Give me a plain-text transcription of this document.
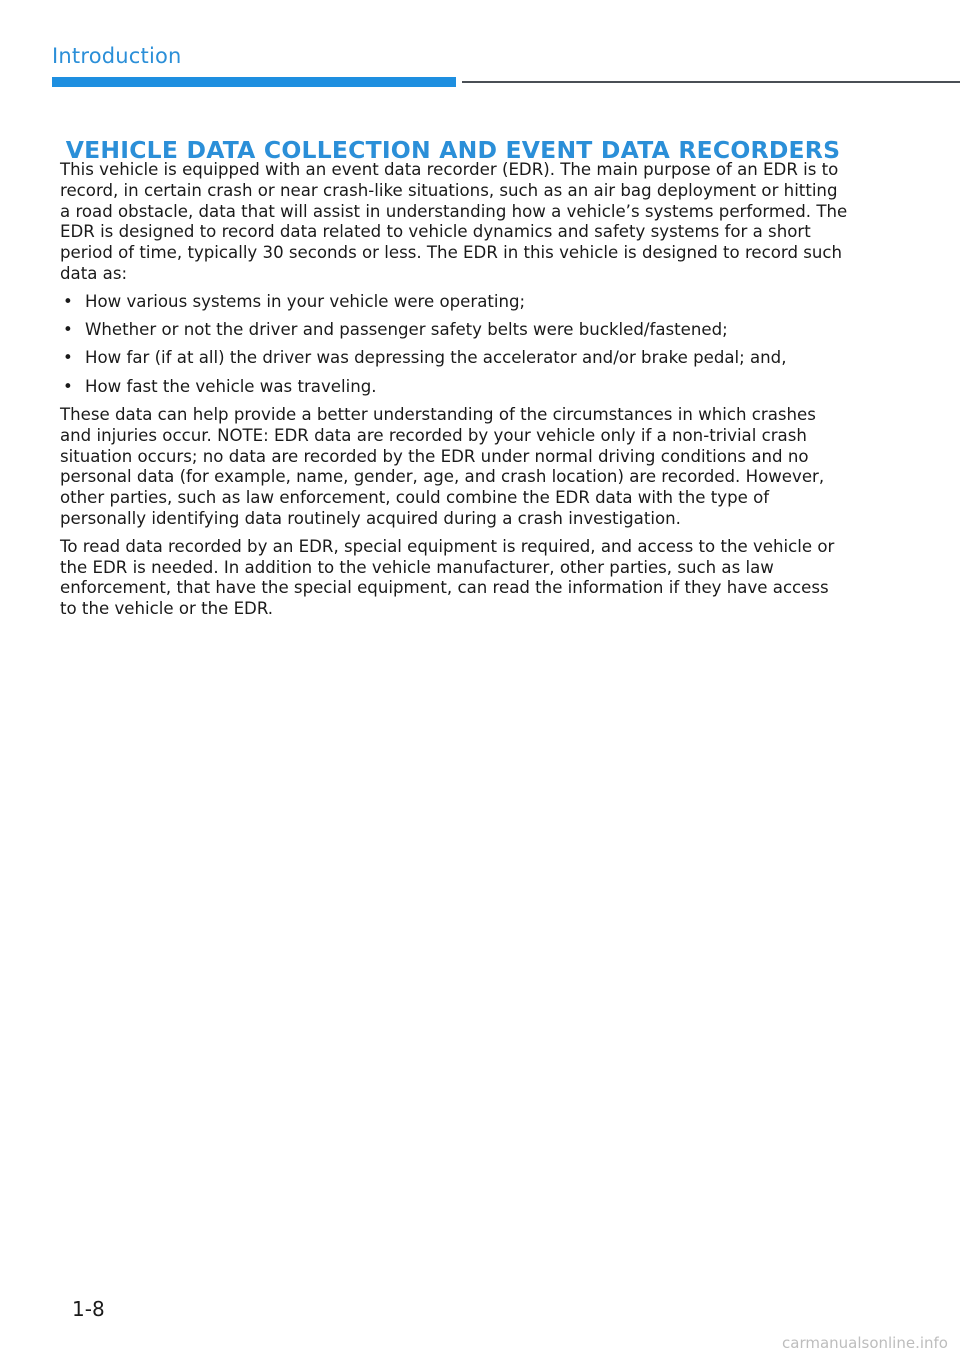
Introduction
VEHICLE DATA COLLECTION AND EVENT DATA RECORDERS

This vehicle is equipped with an event data recorder (EDR). The main purpose of an EDR is to record, in certain crash or near crash-like situations, such as an air bag deployment or hitting a road obstacle, data that will assist in understanding how a vehicle’s systems performed. The EDR is designed to record data related to vehicle dynamics and safety systems for a short period of time, typically 30 seconds or less. The EDR in this vehicle is designed to record such data as:

• How various systems in your vehicle were operating;
• Whether or not the driver and passenger safety belts were buckled/fastened;
• How far (if at all) the driver was depressing the accelerator and/or brake pedal; and,
• How fast the vehicle was traveling.

These data can help provide a better understanding of the circumstances in which crashes and injuries occur. NOTE: EDR data are recorded by your vehicle only if a non-trivial crash situation occurs; no data are recorded by the EDR under normal driving conditions and no personal data (for example, name, gender, age, and crash location) are recorded. However, other parties, such as law enforcement, could combine the EDR data with the type of personally identifying data routinely acquired during a crash investigation.

To read data recorded by an EDR, special equipment is required, and access to the vehicle or the EDR is needed. In addition to the vehicle manufacturer, other parties, such as law enforcement, that have the special equipment, can read the information if they have access to the vehicle or the EDR.

1-8
carmanualsonline.info
